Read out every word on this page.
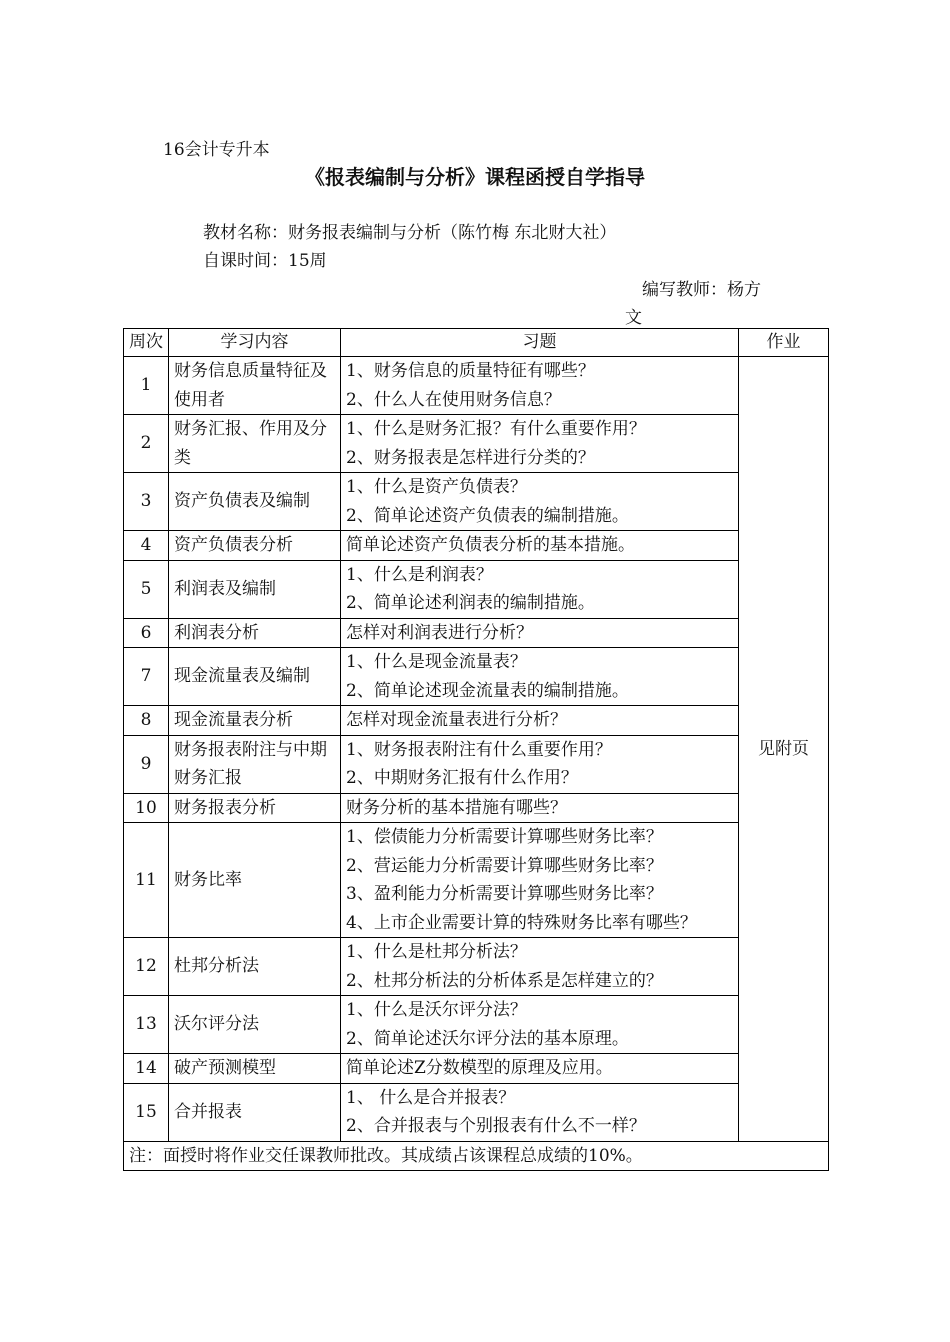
16会计专升本
《报表编制与分析》课程函授自学指导
教材名称：财务报表编制与分析（陈竹梅 东北财大社）
自课时间：15周
编写教师：杨方
文
周次	学习内容	习题	作业
1	财务信息质量特征及使用者	1、财务信息的质量特征有哪些？
2、什么人在使用财务信息？	见附页
2	财务汇报、作用及分类	1、什么是财务汇报？有什么重要作用？
2、财务报表是怎样进行分类的？	

3	资产负债表及编制	1、什么是资产负债表？
2、简单论述资产负债表的编制措施。	

4	资产负债表分析	简单论述资产负债表分析的基本措施。	

5	利润表及编制	1、什么是利润表？
2、简单论述利润表的编制措施。	

6	利润表分析	怎样对利润表进行分析？	

7	现金流量表及编制	1、什么是现金流量表？
2、简单论述现金流量表的编制措施。	

8	现金流量表分析	怎样对现金流量表进行分析？	

9	财务报表附注与中期财务汇报	1、财务报表附注有什么重要作用？
2、中期财务汇报有什么作用？	

10	财务报表分析	财务分析的基本措施有哪些？	

11	财务比率	1、偿债能力分析需要计算哪些财务比率？
2、营运能力分析需要计算哪些财务比率？
3、盈利能力分析需要计算哪些财务比率？
4、上市企业需要计算的特殊财务比率有哪些？	

12	杜邦分析法	1、什么是杜邦分析法？
2、杜邦分析法的分析体系是怎样建立的？	

13	沃尔评分法	1、什么是沃尔评分法？
2、简单论述沃尔评分法的基本原理。	

14	破产预测模型	简单论述Z分数模型的原理及应用。	

15	合并报表	1、 什么是合并报表？
2、合并报表与个别报表有什么不一样？	

注：面授时将作业交任课教师批改。其成绩占该课程总成绩的10%。			
